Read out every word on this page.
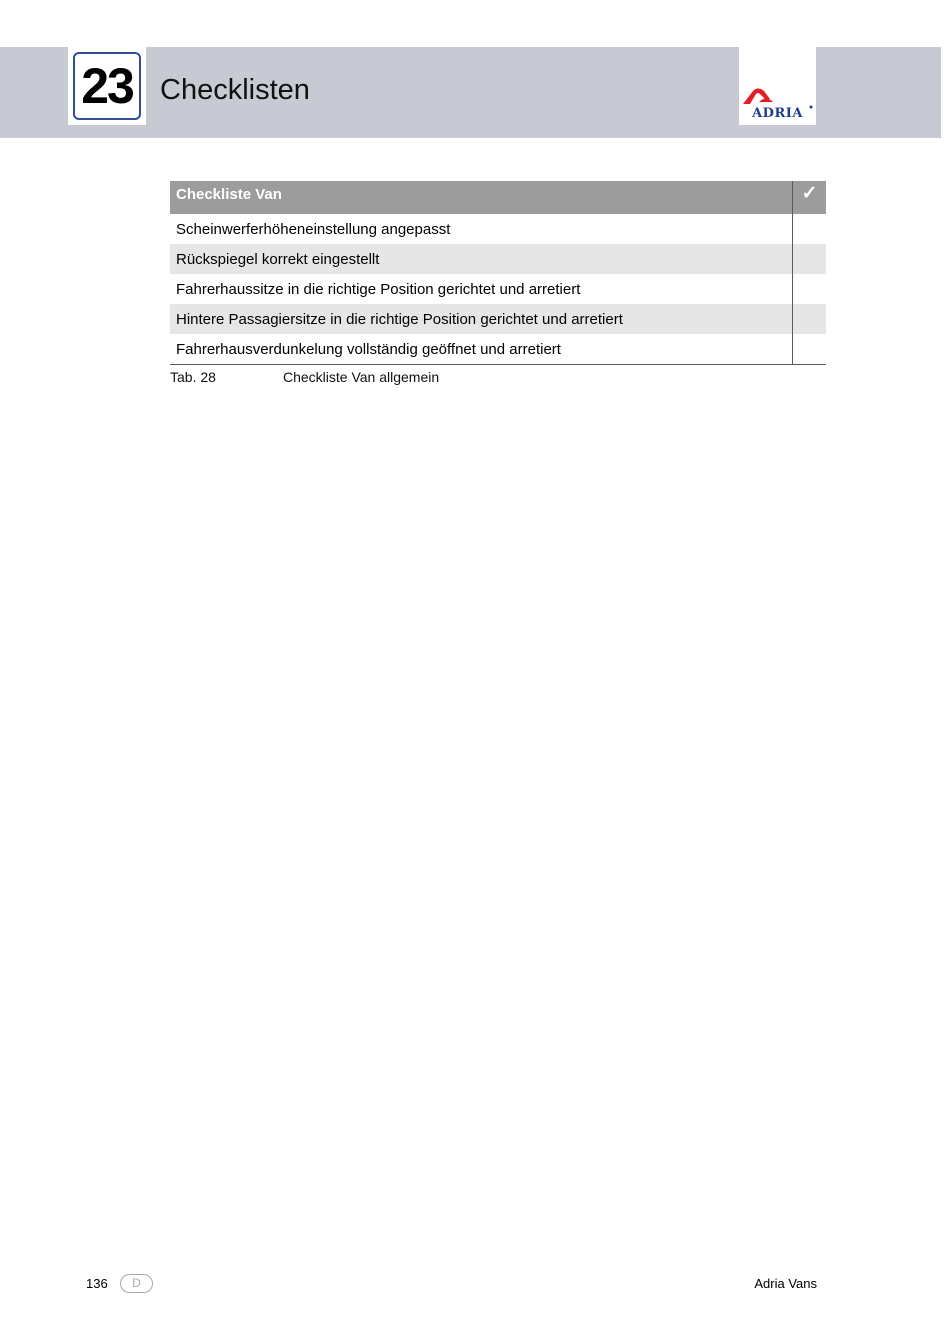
23 Checklisten
ADRIA
Checkliste Van	✓
Scheinwerferhöheneinstellung angepasst	
Rückspiegel korrekt eingestellt	
Fahrerhaussitze in die richtige Position gerichtet und arretiert	
Hintere Passagiersitze in die richtige Position gerichtet und arretiert	
Fahrerhausverdunkelung vollständig geöffnet und arretiert	
Tab. 28	Checkliste Van allgemein
136	D	Adria Vans
